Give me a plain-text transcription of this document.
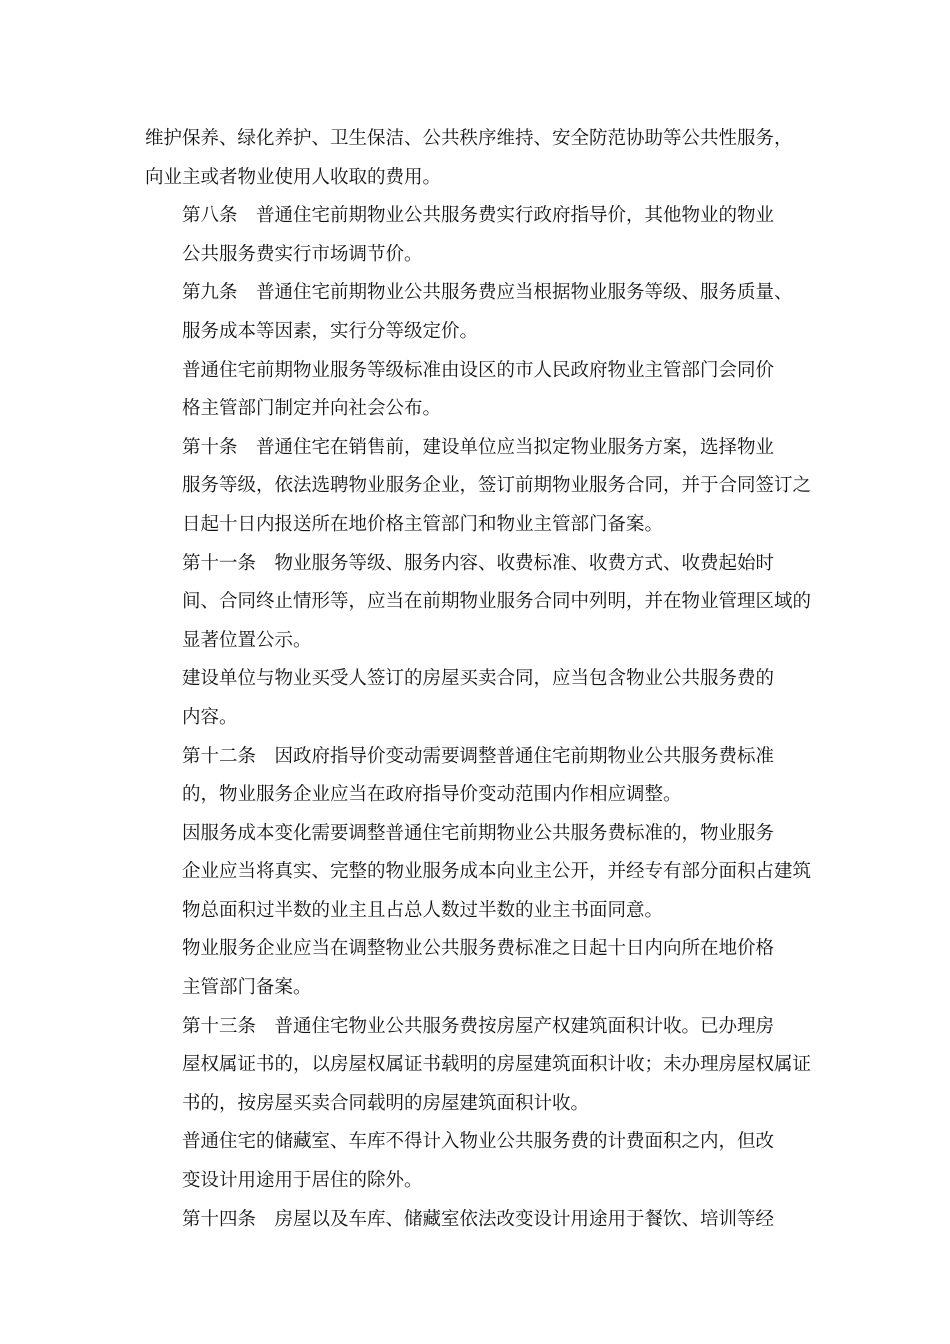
维护保养、绿化养护、卫生保洁、公共秩序维持、安全防范协助等公共性服务，
向业主或者物业使用人收取的费用。
第八条　普通住宅前期物业公共服务费实行政府指导价，其他物业的物业
公共服务费实行市场调节价。
第九条　普通住宅前期物业公共服务费应当根据物业服务等级、服务质量、
服务成本等因素，实行分等级定价。
普通住宅前期物业服务等级标准由设区的市人民政府物业主管部门会同价
格主管部门制定并向社会公布。
第十条　普通住宅在销售前，建设单位应当拟定物业服务方案，选择物业
服务等级，依法选聘物业服务企业，签订前期物业服务合同，并于合同签订之
日起十日内报送所在地价格主管部门和物业主管部门备案。
第十一条　物业服务等级、服务内容、收费标准、收费方式、收费起始时
间、合同终止情形等，应当在前期物业服务合同中列明，并在物业管理区域的
显著位置公示。
建设单位与物业买受人签订的房屋买卖合同，应当包含物业公共服务费的
内容。
第十二条　因政府指导价变动需要调整普通住宅前期物业公共服务费标准
的，物业服务企业应当在政府指导价变动范围内作相应调整。
因服务成本变化需要调整普通住宅前期物业公共服务费标准的，物业服务
企业应当将真实、完整的物业服务成本向业主公开，并经专有部分面积占建筑
物总面积过半数的业主且占总人数过半数的业主书面同意。
物业服务企业应当在调整物业公共服务费标准之日起十日内向所在地价格
主管部门备案。
第十三条　普通住宅物业公共服务费按房屋产权建筑面积计收。已办理房
屋权属证书的，以房屋权属证书载明的房屋建筑面积计收；未办理房屋权属证
书的，按房屋买卖合同载明的房屋建筑面积计收。
普通住宅的储藏室、车库不得计入物业公共服务费的计费面积之内，但改
变设计用途用于居住的除外。
第十四条　房屋以及车库、储藏室依法改变设计用途用于餐饮、培训等经
